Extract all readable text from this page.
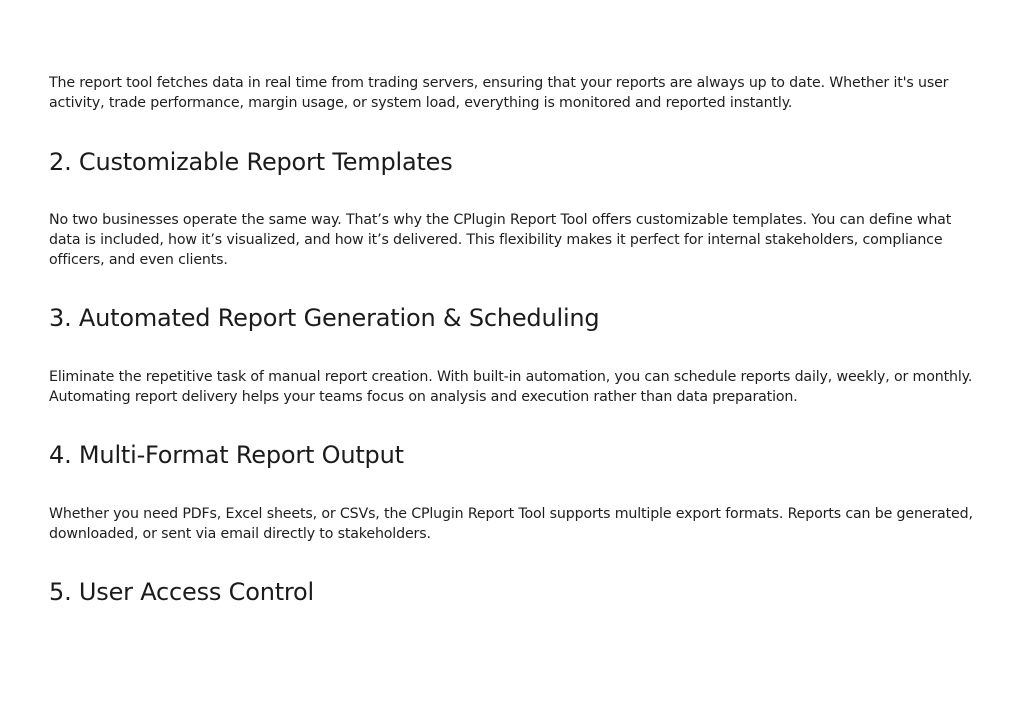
The report tool fetches data in real time from trading servers, ensuring that your reports are always up to date. Whether it's user activity, trade performance, margin usage, or system load, everything is monitored and reported instantly.

2. Customizable Report Templates

No two businesses operate the same way. That’s why the CPlugin Report Tool offers customizable templates. You can define what data is included, how it’s visualized, and how it’s delivered. This flexibility makes it perfect for internal stakeholders, compliance officers, and even clients.

3. Automated Report Generation & Scheduling

Eliminate the repetitive task of manual report creation. With built-in automation, you can schedule reports daily, weekly, or monthly. Automating report delivery helps your teams focus on analysis and execution rather than data preparation.

4. Multi-Format Report Output

Whether you need PDFs, Excel sheets, or CSVs, the CPlugin Report Tool supports multiple export formats. Reports can be generated, downloaded, or sent via email directly to stakeholders.

5. User Access Control
